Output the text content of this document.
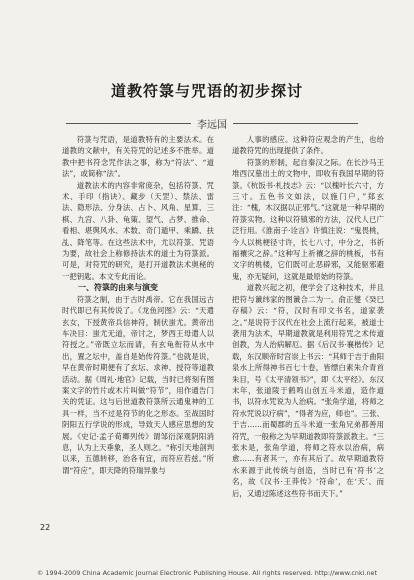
道教符箓与咒语的初步探讨
李远国

符箓与咒语，是道教特有的主要法术。在道教的文献中，有关符咒的记述多不胜举。道教中把书符念咒作法之事，称为“符法”、“道法”，或简称“法”。

道教法术的内容非常庞杂，包括符箓、咒术、手印（指诀）、藏步（天罡）、禁法、雷法、隐形法、分身法、占卜、风角、星算、三棋、九宫、八卦、龟策、望气、占梦、推命、看相、堪舆风水、术数、奇门遁甲、乘蹻、扶乩、降笔等。在这些法术中，尤以符箓、咒语为要，故社会上称修持法术的道士为符箓派。可是，对符咒的研究，是打开道教法术奥秘的一把钥匙。本文专此而论。

一、符箓的由来与演变

符箓之制，由于古时禹帝。它在我国远古时代即已有其传说了。《龙鱼河图》云：“天遣玄女，下授黄帝兵信神符，制伏蚩尤。黄帝出车决目：蚩尤无道，帝讨之，梦西王母遣人以符授之。”帝既立坛而请，有玄龟衔符从水中出，置之坛中，盖自是始传符箓。”也就是说，早在黄帝时期便有了玄坛、求神、授符等道教活动。据《周礼·地官》记载，当时已将刻有图案文字的竹片或木片叫做“符节”，用作通告门关的凭证。这与后世道教符箓所云通鬼神的工具一样，当不过是符节的化之形态。至战国时阴阳五行学说的形成，导致天人感应思想的发展。《史记·孟子荀卿列传》谓邹衍深观阴阳消息，认为上天垂象，圣人则之。“称引天地剖判以来，五德转移，治各有宜，而符应若兹。”所谓“符应”，即天降的符瑞异象与

人事的感应。这种符应观念的产生，也给道教符咒的出现提供了条件。

符箓的形制，起自秦汉之际。在长沙马王堆西汉墓出土的文物中，即收有我国早期的符箓。《杭饭书·札技志》云：“以槐叶长六寸，方三寸。五色书文如法，以施门户，”郑玄注：“槐，木汉据以正邪气。”这就是一种早期的符箓实物。这种以符镇邪的方法，汉代人已广泛行用。《淮南子·诠言》许慎注说：“鬼畏桃，今人以桃梗径寸许，长七八寸，中分之，书祈福禳灾之辞。”这种写上祈禳之辞的桃板，书有文字的桃楼，它们既可止恶辟邪，又能驱邪避鬼，亦无疑问，这就是最原始的符箓。

道教兴起之初，便学会了这种技术，并且把符与谶纬家的图谶合二为一。俞正燮《癸巳存稿》云：“符，汉时有印文书名，道家袭之。”是说符于汉代在社会上流行起来，被道士袭用为法术，早期道教就是利用符咒之术传道创教，为人治病解厄。据《后汉书·襄楷传》记载，东汉顺帝时宫崇上书云：“其师于吉于曲阳泉水上所得神书百七十卷，皆缥白素朱介青首朱目，号《太平清领书》”，即《太平经》。东汉末年，张道陵于鹤鸣山创五斗米道，造作道书，以符水咒说为人治病。“张角学道，将师之符水咒说以疗病”，“得者为应，师也”。三张、于吉……而蜀郡的五斗米道一张角兄弟都善用符咒，一般称之为早期道教即符箓派教主。“三张未是，张角学道，将师之符水以治病，病愈……有者其一，亦有其后了。故早期道教符水来源于此传统与创造，当时已有‘符书’之名，故《汉书·王莽传》‘符命’，在‘天’、而后，又通过陈述这些符书而天下。”

22
© 1994-2009 China Academic Journal Electronic Publishing House. All rights reserved. http://www.cnki.net
